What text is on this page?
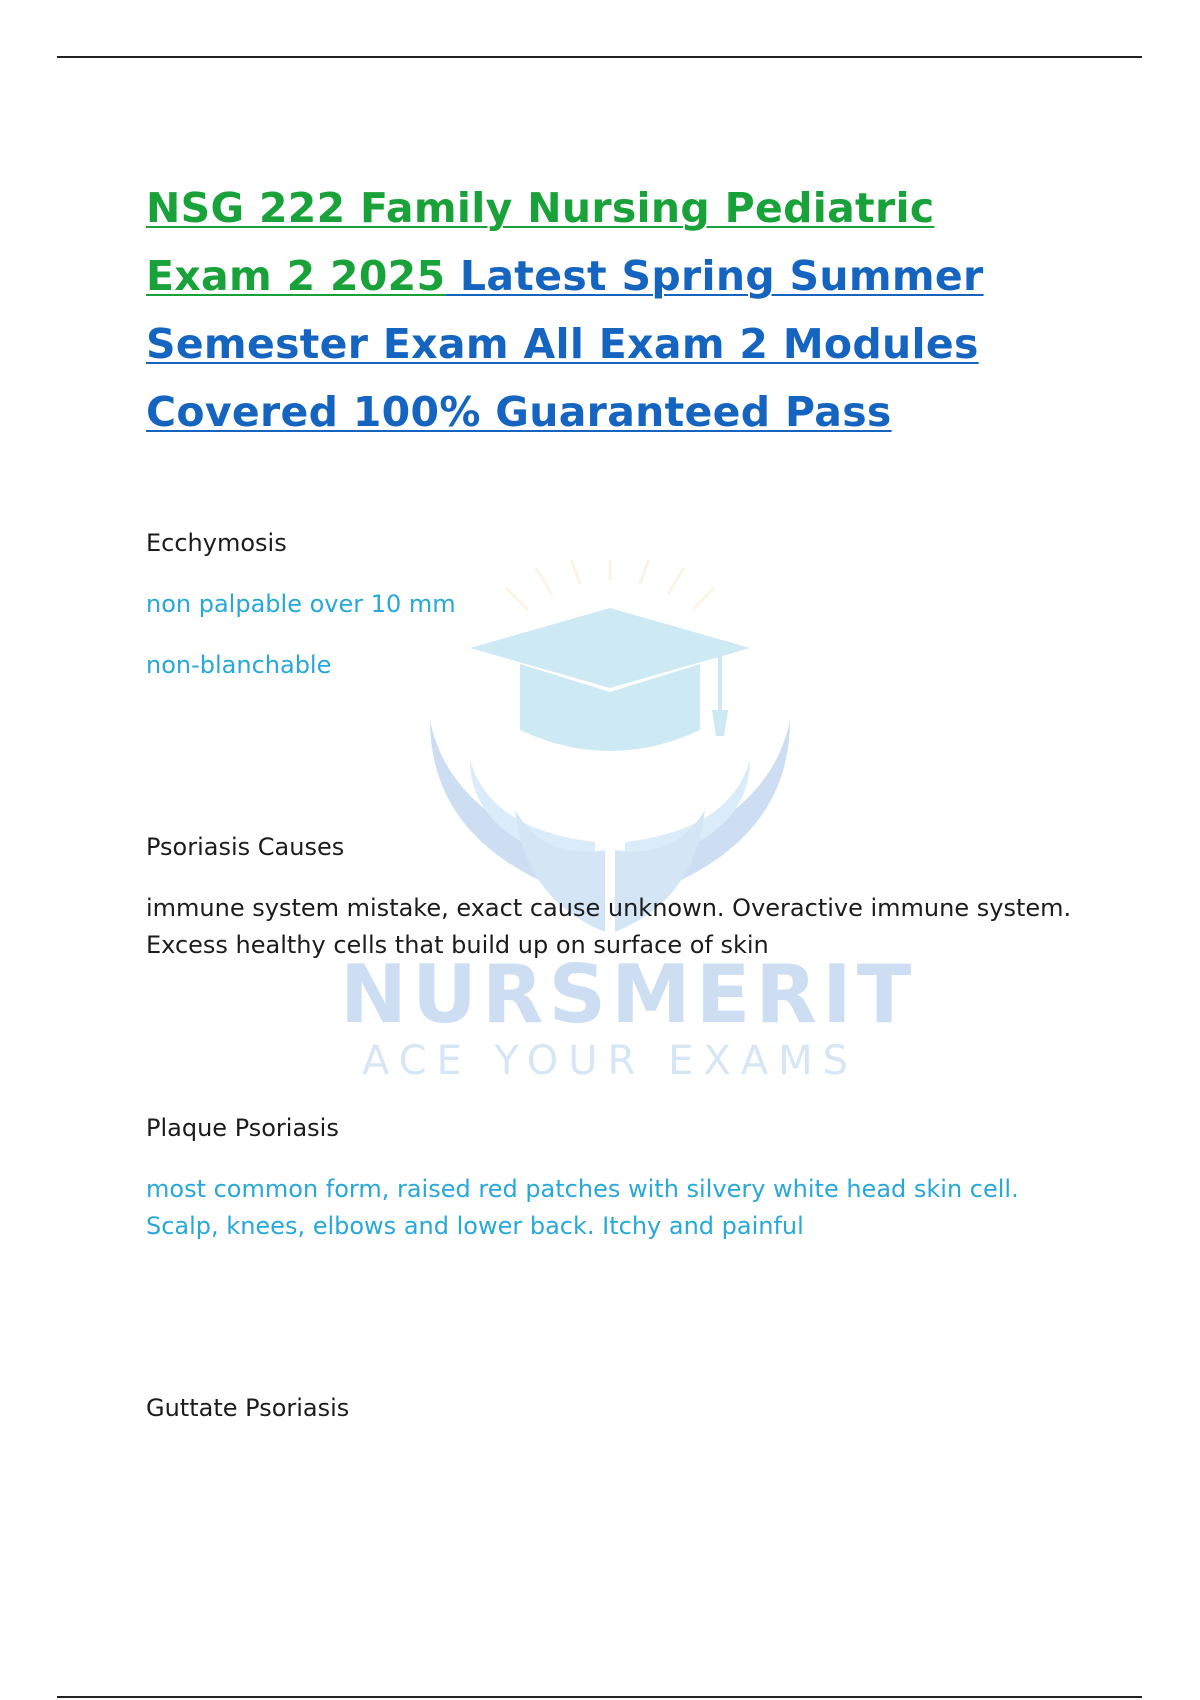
NURSMERIT
ACE YOUR EXAMS
NSG 222 Family Nursing Pediatric Exam 2 2025 Latest Spring Summer Semester Exam All Exam 2 Modules Covered 100% Guaranteed Pass
Ecchymosis
non palpable over 10 mm
non-blanchable
Psoriasis Causes
immune system mistake, exact cause unknown. Overactive immune system. Excess healthy cells that build up on surface of skin
Plaque Psoriasis
most common form, raised red patches with silvery white head skin cell. Scalp, knees, elbows and lower back. Itchy and painful
Guttate Psoriasis
